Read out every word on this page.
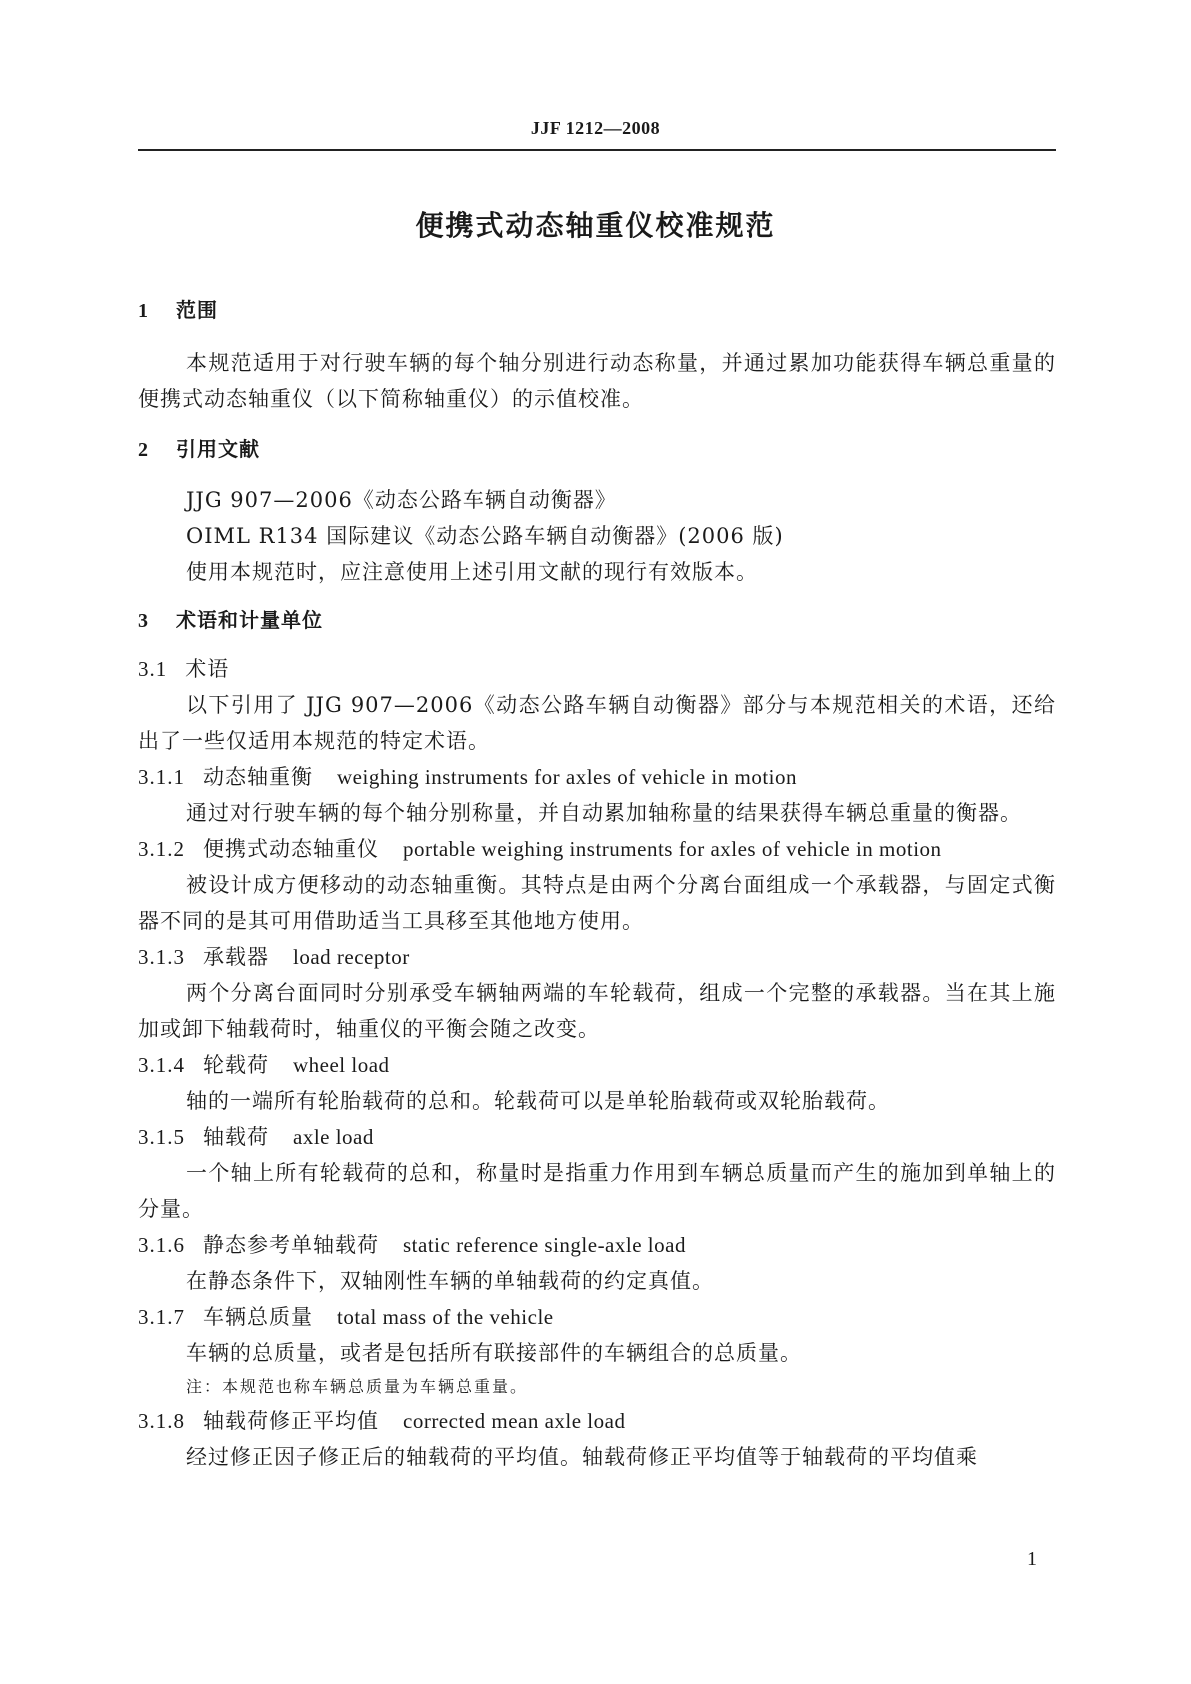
JJF 1212—2008
便携式动态轴重仪校准规范
1 范围
本规范适用于对行驶车辆的每个轴分别进行动态称量，并通过累加功能获得车辆总重量的便携式动态轴重仪（以下简称轴重仪）的示值校准。
2 引用文献
JJG 907—2006《动态公路车辆自动衡器》
OIML R134 国际建议《动态公路车辆自动衡器》(2006 版)
使用本规范时，应注意使用上述引用文献的现行有效版本。
3 术语和计量单位
3.1 术语
以下引用了 JJG 907—2006《动态公路车辆自动衡器》部分与本规范相关的术语，还给出了一些仅适用本规范的特定术语。
3.1.1 动态轴重衡 weighing instruments for axles of vehicle in motion
通过对行驶车辆的每个轴分别称量，并自动累加轴称量的结果获得车辆总重量的衡器。
3.1.2 便携式动态轴重仪 portable weighing instruments for axles of vehicle in motion
被设计成方便移动的动态轴重衡。其特点是由两个分离台面组成一个承载器，与固定式衡器不同的是其可用借助适当工具移至其他地方使用。
3.1.3 承载器 load receptor
两个分离台面同时分别承受车辆轴两端的车轮载荷，组成一个完整的承载器。当在其上施加或卸下轴载荷时，轴重仪的平衡会随之改变。
3.1.4 轮载荷 wheel load
轴的一端所有轮胎载荷的总和。轮载荷可以是单轮胎载荷或双轮胎载荷。
3.1.5 轴载荷 axle load
一个轴上所有轮载荷的总和，称量时是指重力作用到车辆总质量而产生的施加到单轴上的分量。
3.1.6 静态参考单轴载荷 static reference single-axle load
在静态条件下，双轴刚性车辆的单轴载荷的约定真值。
3.1.7 车辆总质量 total mass of the vehicle
车辆的总质量，或者是包括所有联接部件的车辆组合的总质量。
注：本规范也称车辆总质量为车辆总重量。
3.1.8 轴载荷修正平均值 corrected mean axle load
经过修正因子修正后的轴载荷的平均值。轴载荷修正平均值等于轴载荷的平均值乘
1
